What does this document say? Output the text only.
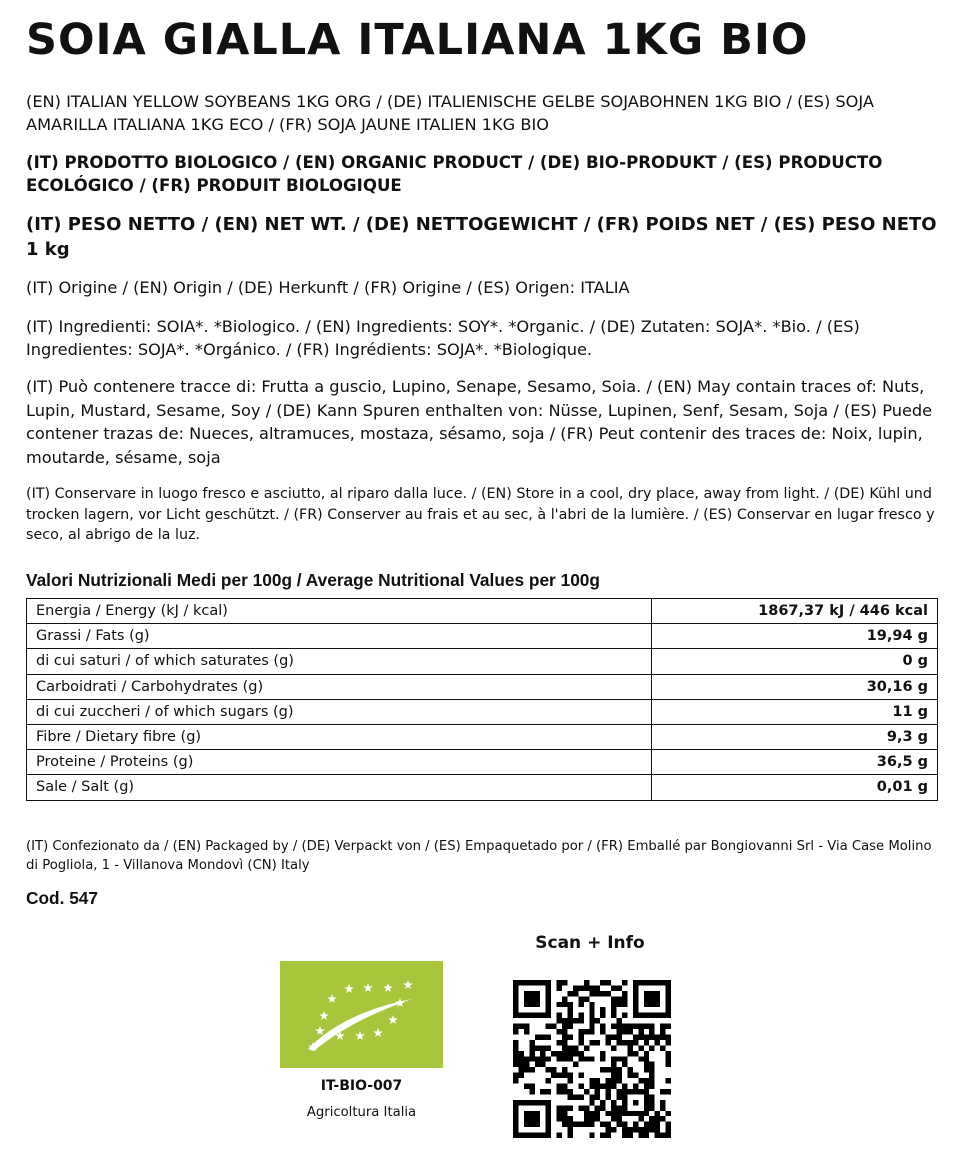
SOIA GIALLA ITALIANA 1KG BIO

(EN) ITALIAN YELLOW SOYBEANS 1KG ORG / (DE) ITALIENISCHE GELBE SOJABOHNEN 1KG BIO / (ES) SOJA AMARILLA ITALIANA 1KG ECO / (FR) SOJA JAUNE ITALIEN 1KG BIO

(IT) PRODOTTO BIOLOGICO / (EN) ORGANIC PRODUCT / (DE) BIO-PRODUKT / (ES) PRODUCTO ECOLÓGICO / (FR) PRODUIT BIOLOGIQUE

(IT) PESO NETTO / (EN) NET WT. / (DE) NETTOGEWICHT / (FR) POIDS NET / (ES) PESO NETO 1 kg

(IT) Origine / (EN) Origin / (DE) Herkunft / (FR) Origine / (ES) Origen: ITALIA

(IT) Ingredienti: SOIA*. *Biologico. / (EN) Ingredients: SOY*. *Organic. / (DE) Zutaten: SOJA*. *Bio. / (ES) Ingredientes: SOJA*. *Orgánico. / (FR) Ingrédients: SOJA*. *Biologique.

(IT) Può contenere tracce di: Frutta a guscio, Lupino, Senape, Sesamo, Soia. / (EN) May contain traces of: Nuts, Lupin, Mustard, Sesame, Soy / (DE) Kann Spuren enthalten von: Nüsse, Lupinen, Senf, Sesam, Soja / (ES) Puede contener trazas de: Nueces, altramuces, mostaza, sésamo, soja / (FR) Peut contenir des traces de: Noix, lupin, moutarde, sésame, soja

(IT) Conservare in luogo fresco e asciutto, al riparo dalla luce. / (EN) Store in a cool, dry place, away from light. / (DE) Kühl und trocken lagern, vor Licht geschützt. / (FR) Conserver au frais et au sec, à l'abri de la lumière. / (ES) Conservar en lugar fresco y seco, al abrigo de la luz.

Valori Nutrizionali Medi per 100g / Average Nutritional Values per 100g

Energia / Energy (kJ / kcal)	1867,37 kJ / 446 kcal
Grassi / Fats (g)	19,94 g
di cui saturi / of which saturates (g)	0 g
Carboidrati / Carbohydrates (g)	30,16 g
di cui zuccheri / of which sugars (g)	11 g
Fibre / Dietary fibre (g)	9,3 g
Proteine / Proteins (g)	36,5 g
Sale / Salt (g)	0,01 g

(IT) Confezionato da / (EN) Packaged by / (DE) Verpackt von / (ES) Empaquetado por / (FR) Emballé par Bongiovanni Srl - Via Case Molino di Pogliola, 1 - Villanova Mondovì (CN) Italy

Cod. 547

IT-BIO-007

Agricoltura Italia

Scan + Info
